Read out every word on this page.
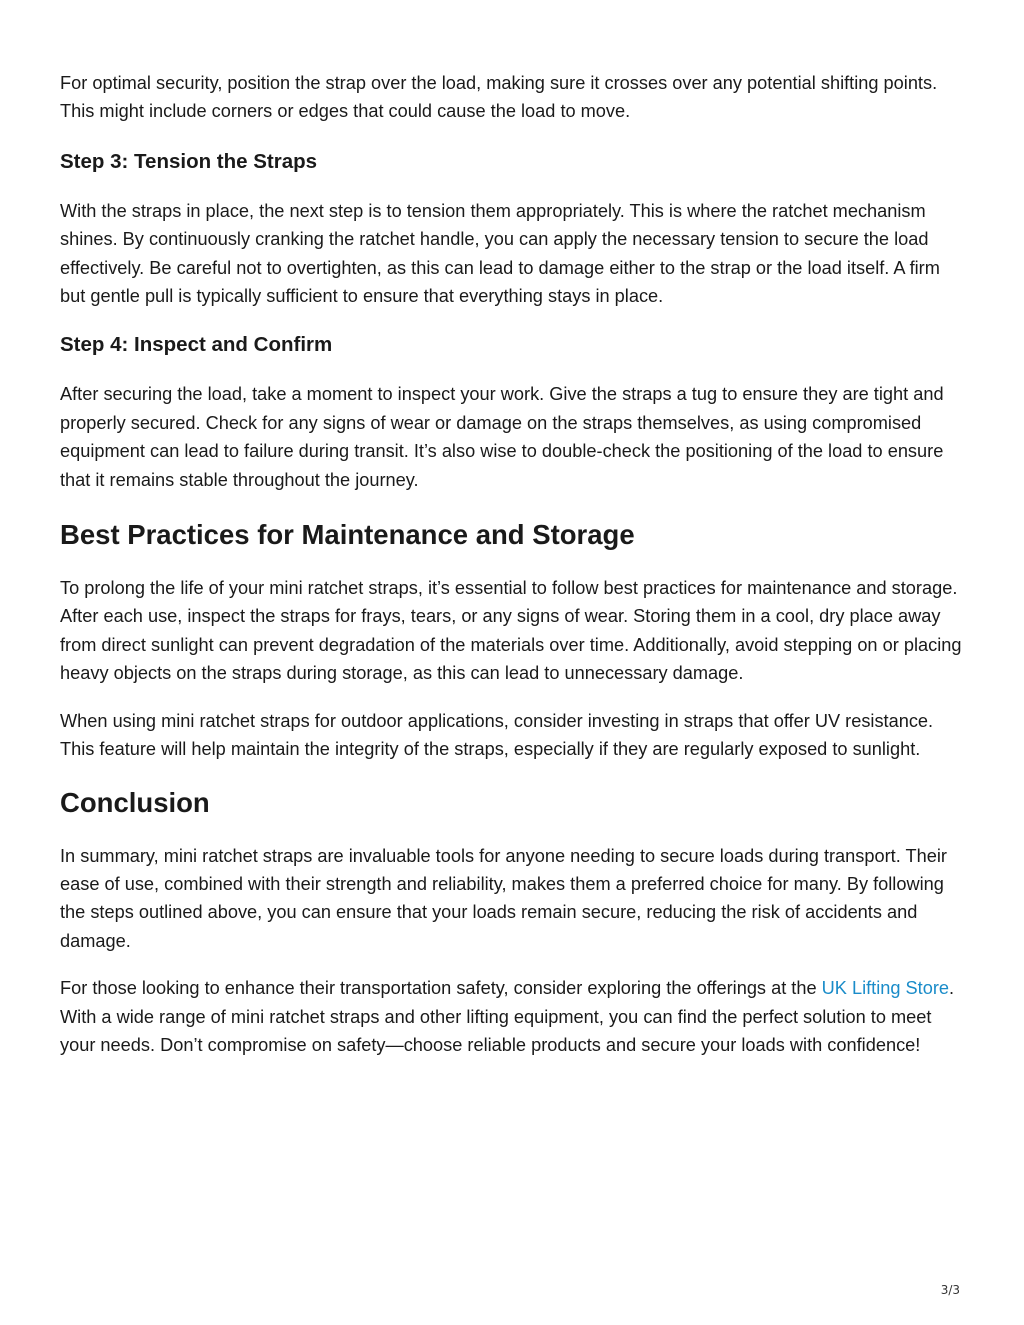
For optimal security, position the strap over the load, making sure it crosses over any potential shifting points. This might include corners or edges that could cause the load to move.

Step 3: Tension the Straps

With the straps in place, the next step is to tension them appropriately. This is where the ratchet mechanism shines. By continuously cranking the ratchet handle, you can apply the necessary tension to secure the load effectively. Be careful not to overtighten, as this can lead to damage either to the strap or the load itself. A firm but gentle pull is typically sufficient to ensure that everything stays in place.

Step 4: Inspect and Confirm

After securing the load, take a moment to inspect your work. Give the straps a tug to ensure they are tight and properly secured. Check for any signs of wear or damage on the straps themselves, as using compromised equipment can lead to failure during transit. It’s also wise to double-check the positioning of the load to ensure that it remains stable throughout the journey.

Best Practices for Maintenance and Storage

To prolong the life of your mini ratchet straps, it’s essential to follow best practices for maintenance and storage. After each use, inspect the straps for frays, tears, or any signs of wear. Storing them in a cool, dry place away from direct sunlight can prevent degradation of the materials over time. Additionally, avoid stepping on or placing heavy objects on the straps during storage, as this can lead to unnecessary damage.

When using mini ratchet straps for outdoor applications, consider investing in straps that offer UV resistance. This feature will help maintain the integrity of the straps, especially if they are regularly exposed to sunlight.

Conclusion

In summary, mini ratchet straps are invaluable tools for anyone needing to secure loads during transport. Their ease of use, combined with their strength and reliability, makes them a preferred choice for many. By following the steps outlined above, you can ensure that your loads remain secure, reducing the risk of accidents and damage.

For those looking to enhance their transportation safety, consider exploring the offerings at the UK Lifting Store. With a wide range of mini ratchet straps and other lifting equipment, you can find the perfect solution to meet your needs. Don’t compromise on safety—choose reliable products and secure your loads with confidence!

3/3
